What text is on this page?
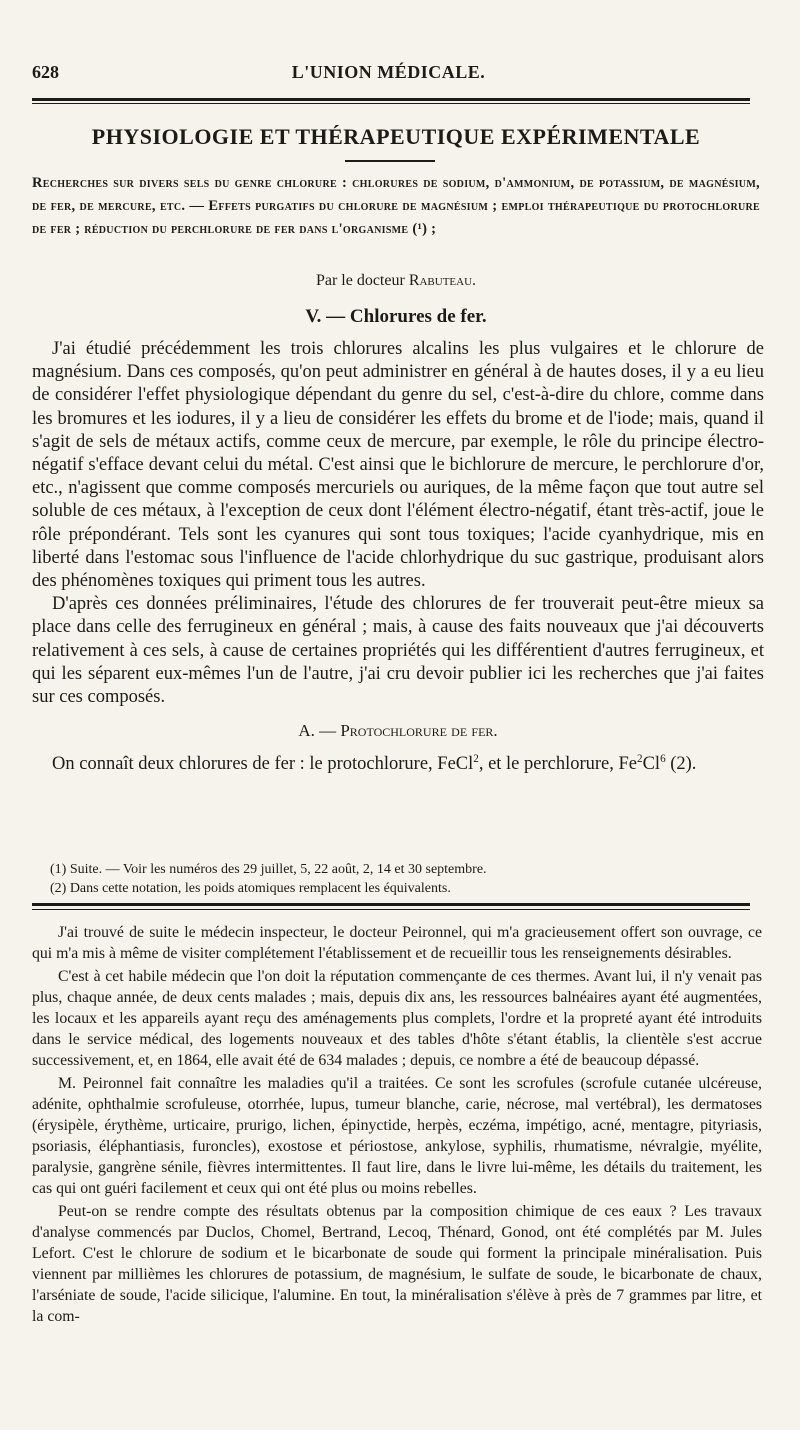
628	L'UNION MÉDICALE.
PHYSIOLOGIE ET THÉRAPEUTIQUE EXPÉRIMENTALE
Recherches sur divers sels du genre chlorure : chlorures de sodium, d'ammonium, de potassium, de magnésium, de fer, de mercure, etc. — Effets purgatifs du chlorure de magnésium ; emploi thérapeutique du protochlorure de fer ; réduction du perchlorure de fer dans l'organisme (¹) ;
Par le docteur Rabuteau.
V. — Chlorures de fer.

J'ai étudié précédemment les trois chlorures alcalins les plus vulgaires et le chlorure de magnésium. Dans ces composés, qu'on peut administrer en général à de hautes doses, il y a eu lieu de considérer l'effet physiologique dépendant du genre du sel, c'est-à-dire du chlore, comme dans les bromures et les iodures, il y a lieu de considérer les effets du brome et de l'iode; mais, quand il s'agit de sels de métaux actifs, comme ceux de mercure, par exemple, le rôle du principe électro-négatif s'efface devant celui du métal. C'est ainsi que le bichlorure de mercure, le perchlorure d'or, etc., n'agissent que comme composés mercuriels ou auriques, de la même façon que tout autre sel soluble de ces métaux, à l'exception de ceux dont l'élément électro-négatif, étant très-actif, joue le rôle prépondérant. Tels sont les cyanures qui sont tous toxiques; l'acide cyanhydrique, mis en liberté dans l'estomac sous l'influence de l'acide chlorhydrique du suc gastrique, produisant alors des phénomènes toxiques qui priment tous les autres.

D'après ces données préliminaires, l'étude des chlorures de fer trouverait peut-être mieux sa place dans celle des ferrugineux en général ; mais, à cause des faits nouveaux que j'ai découverts relativement à ces sels, à cause de certaines propriétés qui les différentient d'autres ferrugineux, et qui les séparent eux-mêmes l'un de l'autre, j'ai cru devoir publier ici les recherches que j'ai faites sur ces composés.

A. — Protochlorure de fer.

On connaît deux chlorures de fer : le protochlorure, FeCl$^2$, et le perchlorure, Fe$^2$Cl$^6$ (2).

(1) Suite. — Voir les numéros des 29 juillet, 5, 22 août, 2, 14 et 30 septembre.
(2) Dans cette notation, les poids atomiques remplacent les équivalents.

J'ai trouvé de suite le médecin inspecteur, le docteur Peironnel, qui m'a gracieusement offert son ouvrage, ce qui m'a mis à même de visiter complétement l'établissement et de recueillir tous les renseignements désirables.

C'est à cet habile médecin que l'on doit la réputation commençante de ces thermes. Avant lui, il n'y venait pas plus, chaque année, de deux cents malades ; mais, depuis dix ans, les ressources balnéaires ayant été augmentées, les locaux et les appareils ayant reçu des aménagements plus complets, l'ordre et la propreté ayant été introduits dans le service médical, des logements nouveaux et des tables d'hôte s'étant établis, la clientèle s'est accrue successivement, et, en 1864, elle avait été de 634 malades ; depuis, ce nombre a été de beaucoup dépassé.

M. Peironnel fait connaître les maladies qu'il a traitées. Ce sont les scrofules (scrofule cutanée ulcéreuse, adénite, ophthalmie scrofuleuse, otorrhée, lupus, tumeur blanche, carie, nécrose, mal vertébral), les dermatoses (érysipèle, érythème, urticaire, prurigo, lichen, épinyctide, herpès, eczéma, impétigo, acné, mentagre, pityriasis, psoriasis, éléphantiasis, furoncles), exostose et périostose, ankylose, syphilis, rhumatisme, névralgie, myélite, paralysie, gangrène sénile, fièvres intermittentes. Il faut lire, dans le livre lui-même, les détails du traitement, les cas qui ont guéri facilement et ceux qui ont été plus ou moins rebelles.

Peut-on se rendre compte des résultats obtenus par la composition chimique de ces eaux ? Les travaux d'analyse commencés par Duclos, Chomel, Bertrand, Lecoq, Thénard, Gonod, ont été complétés par M. Jules Lefort. C'est le chlorure de sodium et le bicarbonate de soude qui forment la principale minéralisation. Puis viennent par millièmes les chlorures de potassium, de magnésium, le sulfate de soude, le bicarbonate de chaux, l'arséniate de soude, l'acide silicique, l'alumine. En tout, la minéralisation s'élève à près de 7 grammes par litre, et la com-
